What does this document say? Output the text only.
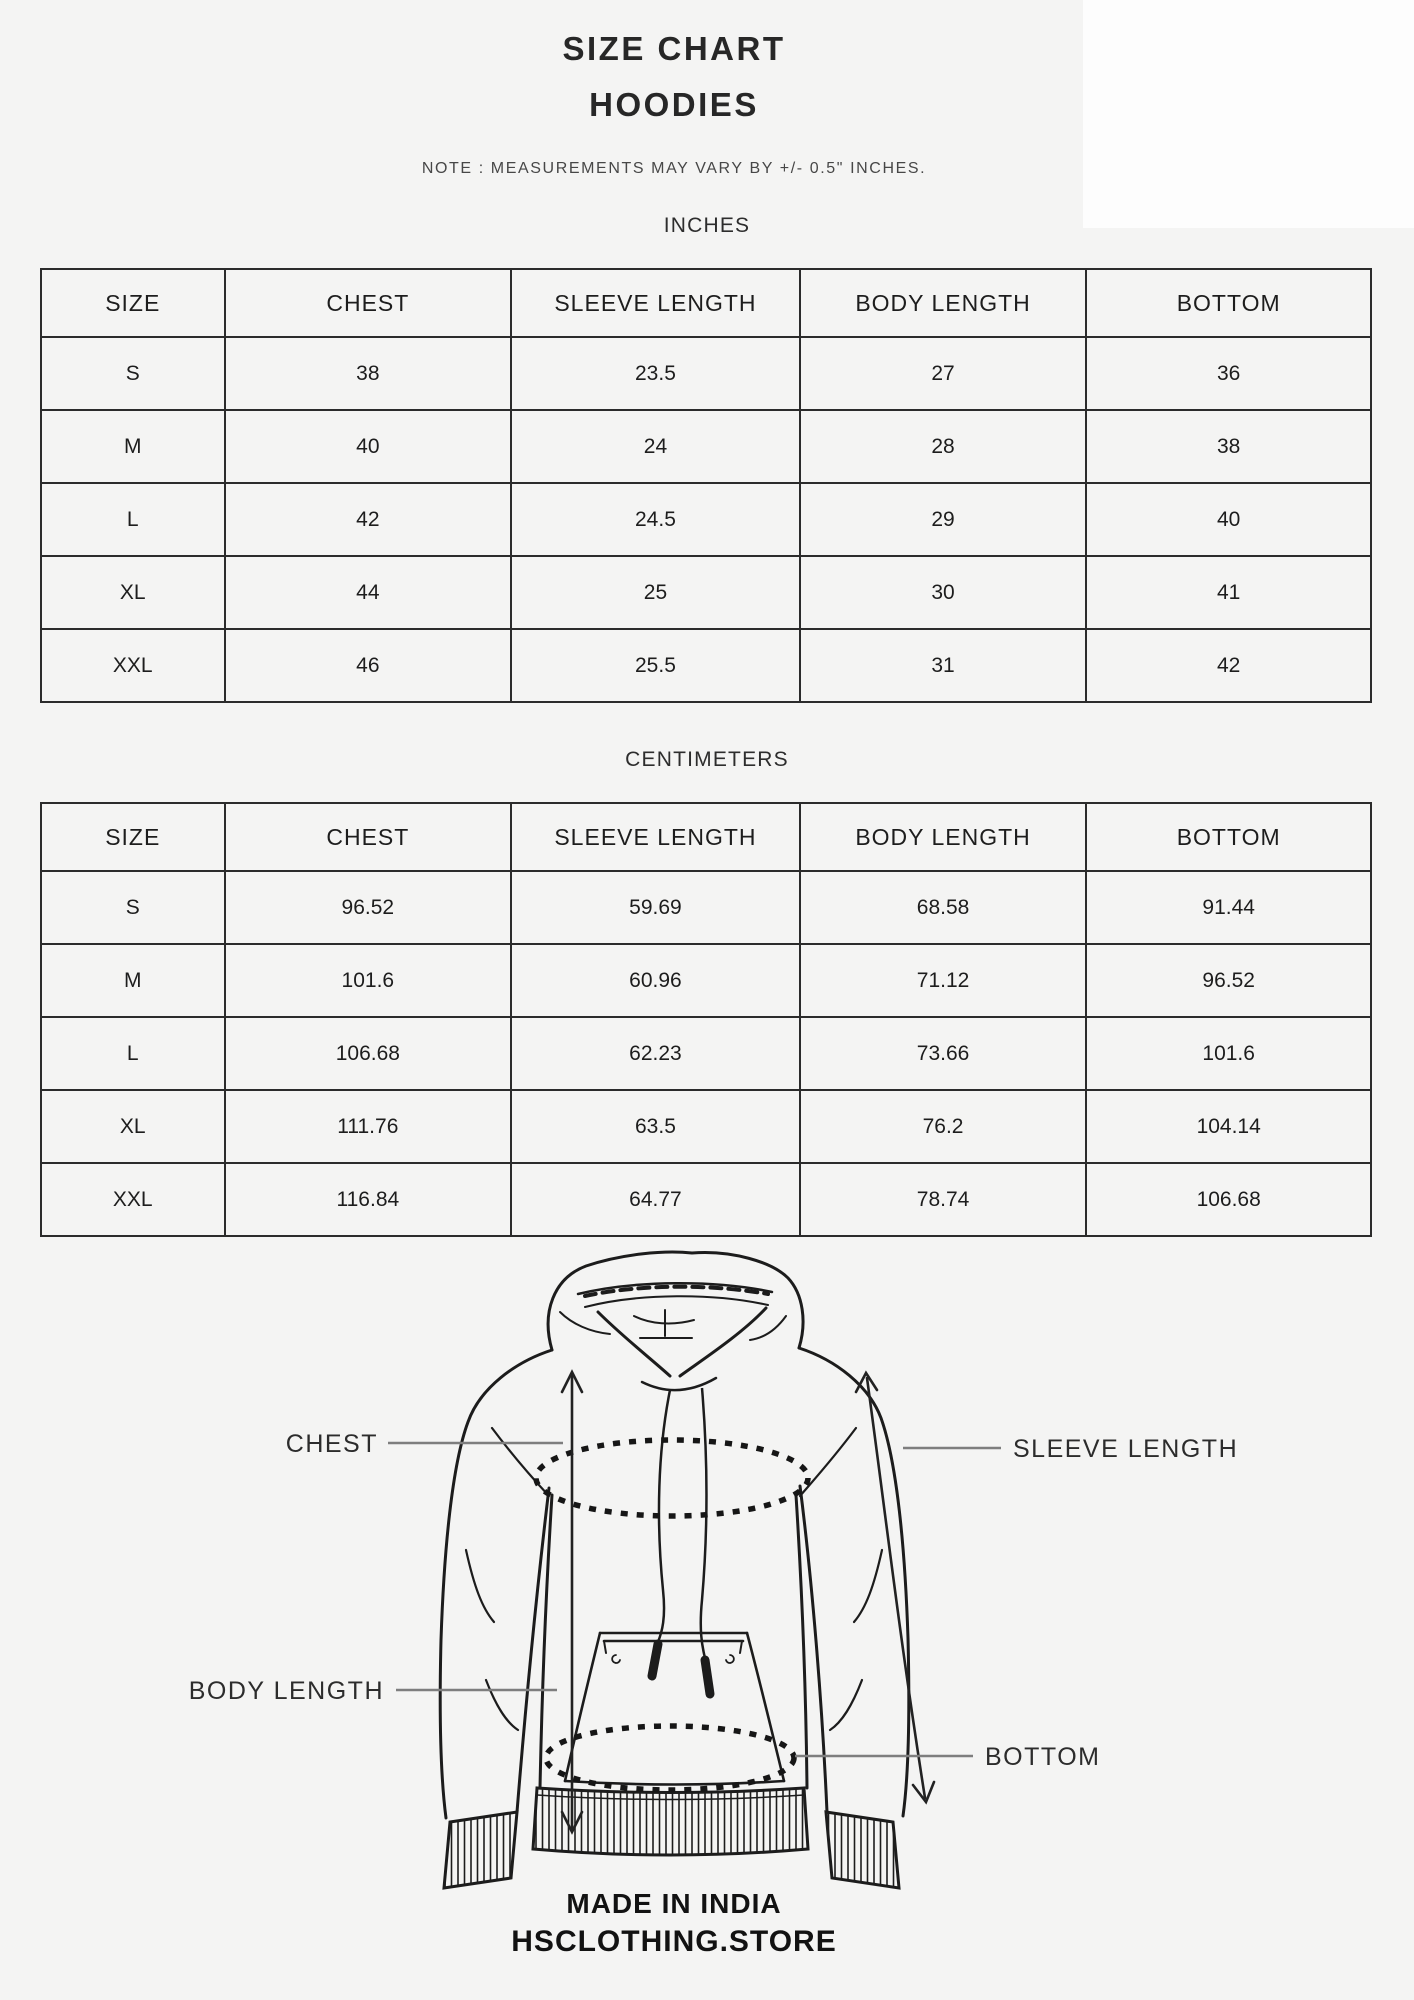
SIZE CHART
HOODIES
NOTE : MEASUREMENTS MAY VARY BY +/- 0.5" INCHES.
INCHES
SIZE	CHEST	SLEEVE LENGTH	BODY LENGTH	BOTTOM
S	38	23.5	27	36
M	40	24	28	38
L	42	24.5	29	40
XL	44	25	30	41
XXL	46	25.5	31	42
CENTIMETERS
SIZE	CHEST	SLEEVE LENGTH	BODY LENGTH	BOTTOM
S	96.52	59.69	68.58	91.44
M	101.6	60.96	71.12	96.52
L	106.68	62.23	73.66	101.6
XL	111.76	63.5	76.2	104.14
XXL	116.84	64.77	78.74	106.68
CHEST	SLEEVE LENGTH
BODY LENGTH
BOTTOM
MADE IN INDIA
HSCLOTHING.STORE
